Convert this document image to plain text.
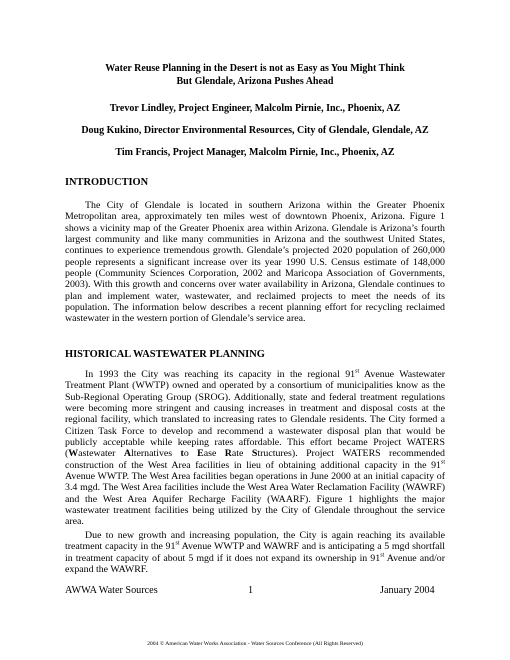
Water Reuse Planning in the Desert is not as Easy as You Might Think
But Glendale, Arizona Pushes Ahead
Trevor Lindley, Project Engineer, Malcolm Pirnie, Inc., Phoenix, AZ
Doug Kukino, Director Environmental Resources, City of Glendale, Glendale, AZ
Tim Francis, Project Manager, Malcolm Pirnie, Inc., Phoenix, AZ
INTRODUCTION
The City of Glendale is located in southern Arizona within the Greater Phoenix Metropolitan area, approximately ten miles west of downtown Phoenix, Arizona. Figure 1 shows a vicinity map of the Greater Phoenix area within Arizona. Glendale is Arizona’s fourth largest community and like many communities in Arizona and the southwest United States, continues to experience tremendous growth. Glendale’s projected 2020 population of 260,000 people represents a significant increase over its year 1990 U.S. Census estimate of 148,000 people (Community Sciences Corporation, 2002 and Maricopa Association of Governments, 2003). With this growth and concerns over water availability in Arizona, Glendale continues to plan and implement water, wastewater, and reclaimed projects to meet the needs of its population. The information below describes a recent planning effort for recycling reclaimed wastewater in the western portion of Glendale’s service area.
HISTORICAL WASTEWATER PLANNING
In 1993 the City was reaching its capacity in the regional 91st Avenue Wastewater Treatment Plant (WWTP) owned and operated by a consortium of municipalities know as the Sub-Regional Operating Group (SROG). Additionally, state and federal treatment regulations were becoming more stringent and causing increases in treatment and disposal costs at the regional facility, which translated to increasing rates to Glendale residents. The City formed a Citizen Task Force to develop and recommend a wastewater disposal plan that would be publicly acceptable while keeping rates affordable. This effort became Project WATERS (Wastewater Alternatives to Ease Rate Structures). Project WATERS recommended construction of the West Area facilities in lieu of obtaining additional capacity in the 91st Avenue WWTP. The West Area facilities began operations in June 2000 at an initial capacity of 3.4 mgd. The West Area facilities include the West Area Water Reclamation Facility (WAWRF) and the West Area Aquifer Recharge Facility (WAARF). Figure 1 highlights the major wastewater treatment facilities being utilized by the City of Glendale throughout the service area.
Due to new growth and increasing population, the City is again reaching its available treatment capacity in the 91st Avenue WWTP and WAWRF and is anticipating a 5 mgd shortfall in treatment capacity of about 5 mgd if it does not expand its ownership in 91st Avenue and/or expand the WAWRF.
AWWA Water Sources	1	January 2004
2004 © American Water Works Association - Water Sources Conference (All Rights Reserved)
